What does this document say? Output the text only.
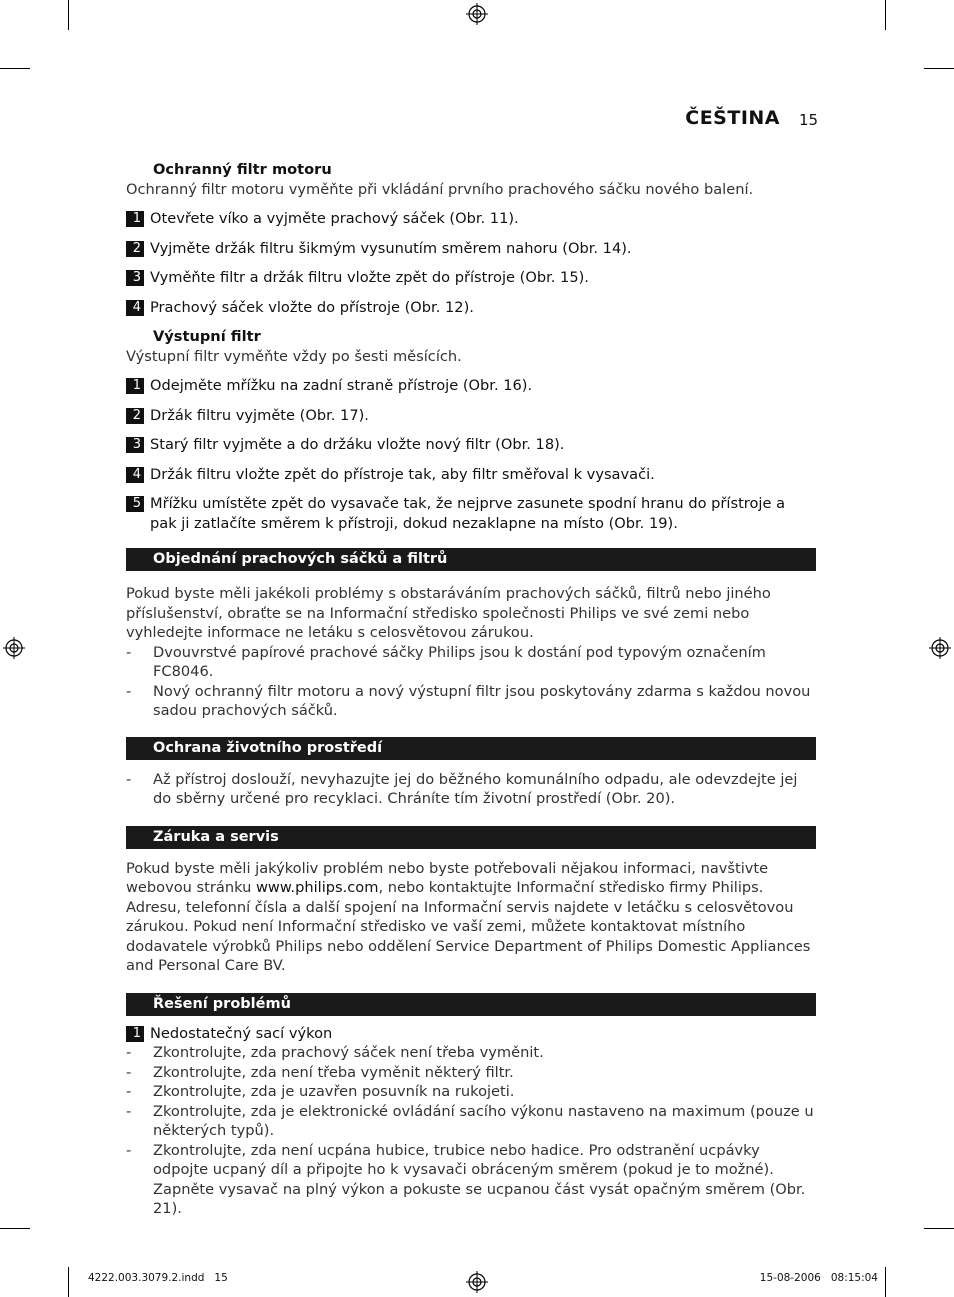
ČEŠTINA 15
Ochranný filtr motoru
Ochranný filtr motoru vyměňte při vkládání prvního prachového sáčku nového balení.
1 Otevřete víko a vyjměte prachový sáček (Obr. 11).
2 Vyjměte držák filtru šikmým vysunutím směrem nahoru (Obr. 14).
3 Vyměňte filtr a držák filtru vložte zpět do přístroje (Obr. 15).
4 Prachový sáček vložte do přístroje (Obr. 12).
Výstupní filtr
Výstupní filtr vyměňte vždy po šesti měsících.
1 Odejměte mřížku na zadní straně přístroje (Obr. 16).
2 Držák filtru vyjměte (Obr. 17).
3 Starý filtr vyjměte a do držáku vložte nový filtr (Obr. 18).
4 Držák filtru vložte zpět do přístroje tak, aby filtr směřoval k vysavači.
5 Mřížku umístěte zpět do vysavače tak, že nejprve zasunete spodní hranu do přístroje a pak ji zatlačíte směrem k přístroji, dokud nezaklapne na místo (Obr. 19).
Objednání prachových sáčků a filtrů
Pokud byste měli jakékoli problémy s obstaráváním prachových sáčků, filtrů nebo jiného příslušenství, obraťte se na Informační středisko společnosti Philips ve své zemi nebo vyhledejte informace ne letáku s celosvětovou zárukou.
-	Dvouvrstvé papírové prachové sáčky Philips jsou k dostání pod typovým označením FC8046.
-	Nový ochranný filtr motoru a nový výstupní filtr jsou poskytovány zdarma s každou novou sadou prachových sáčků.
Ochrana životního prostředí
-	Až přístroj doslouží, nevyhazujte jej do běžného komunálního odpadu, ale odevzdejte jej do sběrny určené pro recyklaci. Chráníte tím životní prostředí (Obr. 20).
Záruka a servis
Pokud byste měli jakýkoliv problém nebo byste potřebovali nějakou informaci, navštivte webovou stránku www.philips.com, nebo kontaktujte Informační středisko firmy Philips. Adresu, telefonní čísla a další spojení na Informační servis najdete v letáčku s celosvětovou zárukou. Pokud není Informační středisko ve vaší zemi, můžete kontaktovat místního dodavatele výrobků Philips nebo oddělení Service Department of Philips Domestic Appliances and Personal Care BV.
Řešení problémů
1 Nedostatečný sací výkon
-	Zkontrolujte, zda prachový sáček není třeba vyměnit.
-	Zkontrolujte, zda není třeba vyměnit některý filtr.
-	Zkontrolujte, zda je uzavřen posuvník na rukojeti.
-	Zkontrolujte, zda je elektronické ovládání sacího výkonu nastaveno na maximum (pouze u některých typů).
-	Zkontrolujte, zda není ucpána hubice, trubice nebo hadice. Pro odstranění ucpávky odpojte ucpaný díl a připojte ho k vysavači obráceným směrem (pokud je to možné). Zapněte vysavač na plný výkon a pokuste se ucpanou část vysát opačným směrem (Obr. 21).
4222.003.3079.2.indd   15	15-08-2006   08:15:04
